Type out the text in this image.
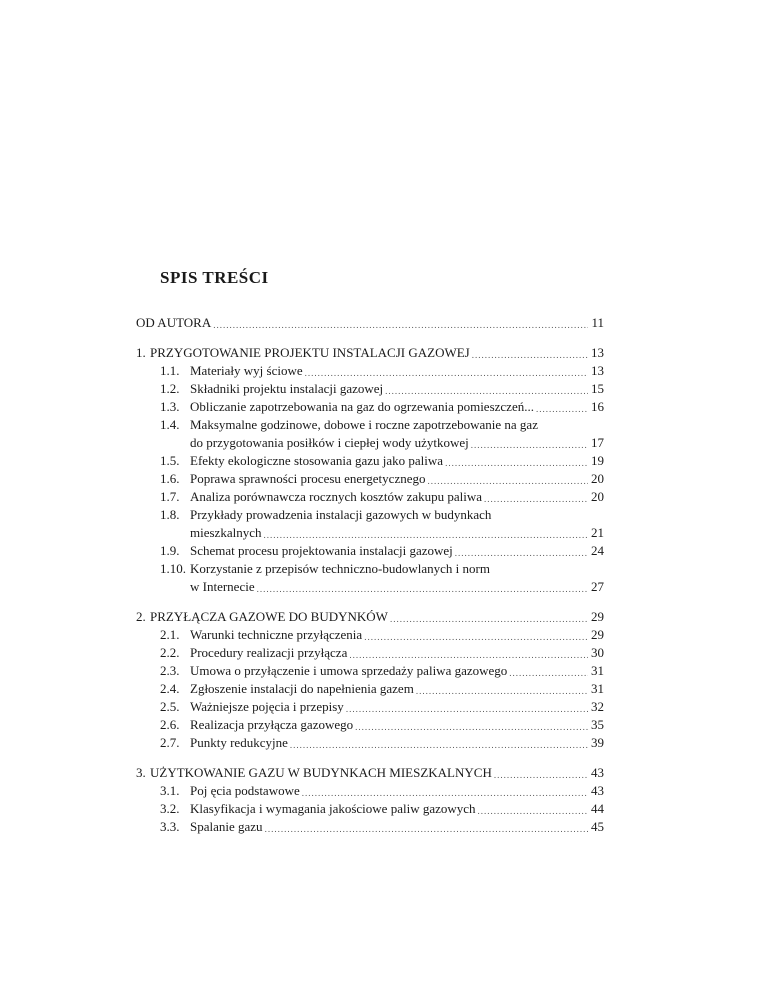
SPIS TREŚCI
OD AUTORA .....	11
1. PRZYGOTOWANIE PROJEKTU INSTALACJI GAZOWEJ .....	13
1.1. Materiały wyj ściowe .....	13
1.2. Składniki projektu instalacji gazowej .....	15
1.3. Obliczanie zapotrzebowania na gaz do ogrzewania pomieszczeń... .....	16
1.4. Maksymalne godzinowe, dobowe i roczne zapotrzebowanie na gaz
do przygotowania posiłków i ciepłej wody użytkowej .....	17
1.5. Efekty ekologiczne stosowania gazu jako paliwa .....	19
1.6. Poprawa sprawności procesu energetycznego .....	20
1.7. Analiza porównawcza rocznych kosztów zakupu paliwa .....	20
1.8. Przykłady prowadzenia instalacji gazowych w budynkach
mieszkalnych .....	21
1.9. Schemat procesu projektowania instalacji gazowej .....	24
1.10. Korzystanie z przepisów techniczno-budowlanych i norm
w Internecie .....	27
2. PRZYŁĄCZA GAZOWE DO BUDYNKÓW .....	29
2.1. Warunki techniczne przyłączenia .....	29
2.2. Procedury realizacji przyłącza .....	30
2.3. Umowa o przyłączenie i umowa sprzedaży paliwa gazowego .....	31
2.4. Zgłoszenie instalacji do napełnienia gazem .....	31
2.5. Ważniejsze pojęcia i przepisy .....	32
2.6. Realizacja przyłącza gazowego .....	35
2.7. Punkty redukcyjne .....	39
3. UŻYTKOWANIE GAZU W BUDYNKACH MIESZKALNYCH .....	43
3.1. Poj ęcia podstawowe .....	43
3.2. Klasyfikacja i wymagania jakościowe paliw gazowych .....	44
3.3. Spalanie gazu .....	45
